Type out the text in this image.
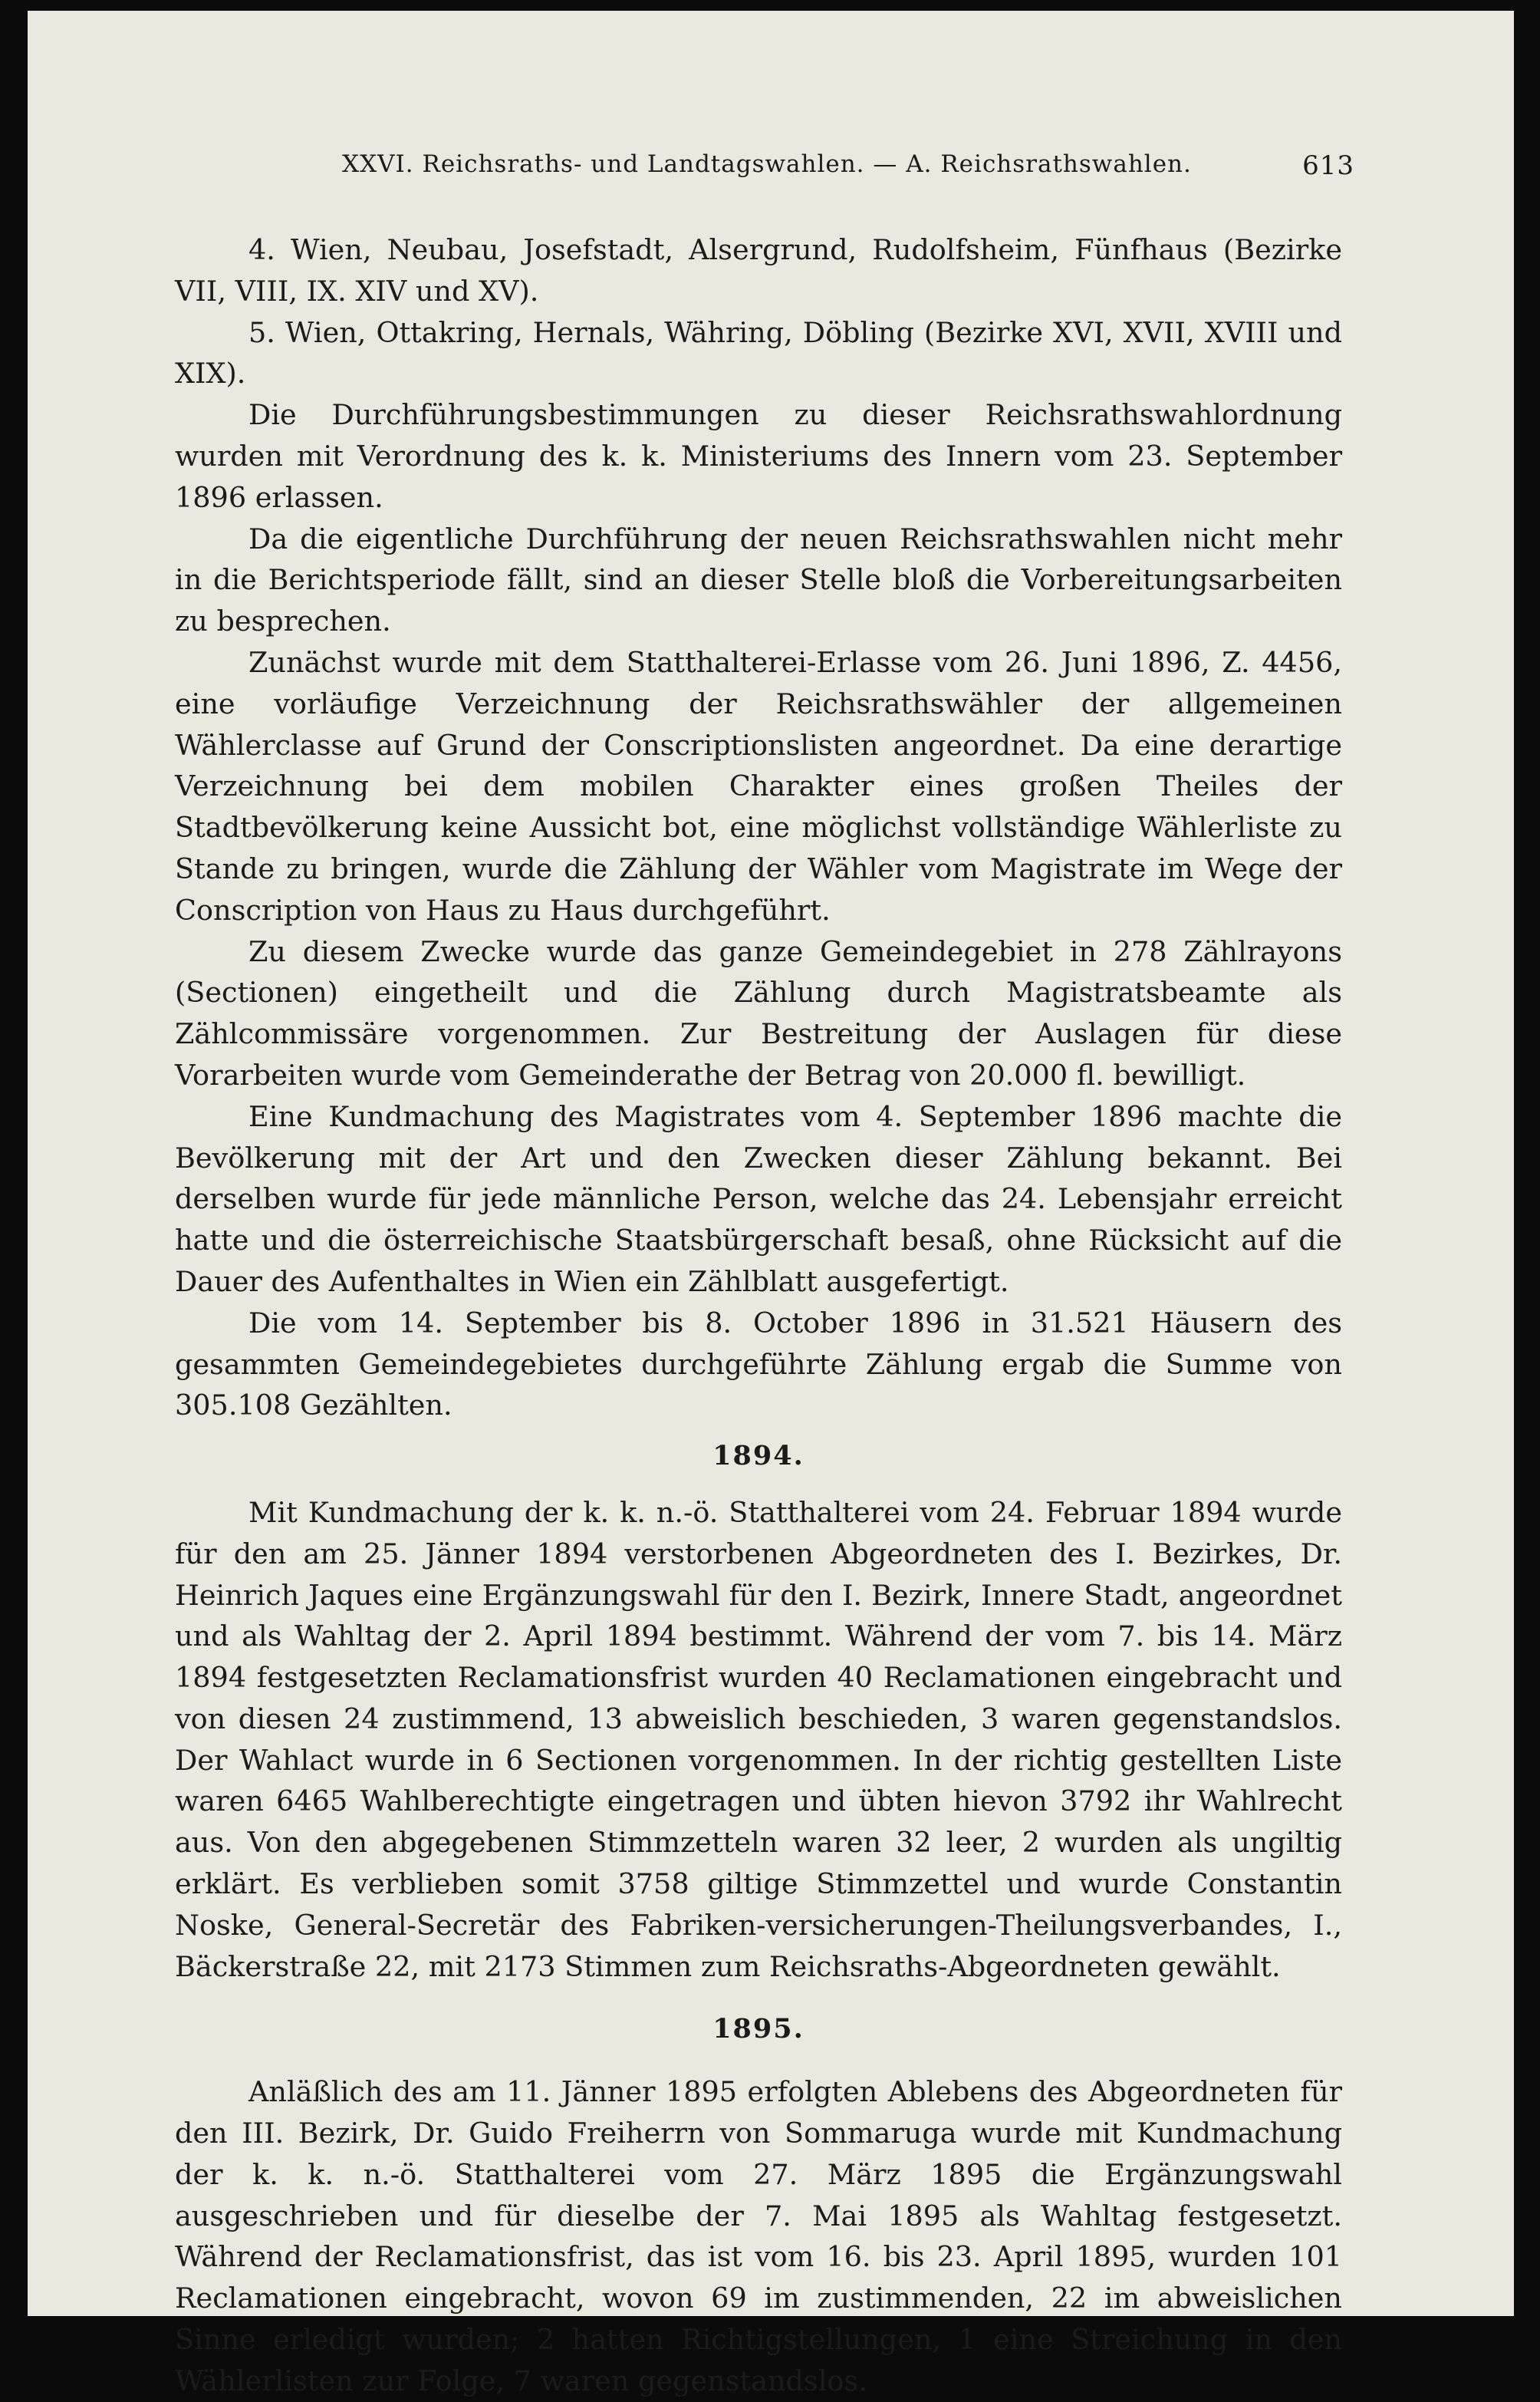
XXVI. Reichsraths- und Landtagswahlen. — A. Reichsrathswahlen.	613

4. Wien, Neubau, Josefstadt, Alsergrund, Rudolfsheim, Fünfhaus (Bezirke VII, VIII, IX. XIV und XV).

5. Wien, Ottakring, Hernals, Währing, Döbling (Bezirke XVI, XVII, XVIII und XIX).

Die Durchführungsbestimmungen zu dieser Reichsrathswahlordnung wurden mit Verordnung des k. k. Ministeriums des Innern vom 23. September 1896 erlassen.

Da die eigentliche Durchführung der neuen Reichsrathswahlen nicht mehr in die Berichtsperiode fällt, sind an dieser Stelle bloß die Vorbereitungsarbeiten zu besprechen.

Zunächst wurde mit dem Statthalterei-Erlasse vom 26. Juni 1896, Z. 4456, eine vorläufige Verzeichnung der Reichsrathswähler der allgemeinen Wählerclasse auf Grund der Conscriptionslisten angeordnet. Da eine derartige Verzeichnung bei dem mobilen Charakter eines großen Theiles der Stadtbevölkerung keine Aussicht bot, eine möglichst vollständige Wählerliste zu Stande zu bringen, wurde die Zählung der Wähler vom Magistrate im Wege der Conscription von Haus zu Haus durchgeführt.

Zu diesem Zwecke wurde das ganze Gemeindegebiet in 278 Zählrayons (Sectionen) eingetheilt und die Zählung durch Magistratsbeamte als Zählcommissäre vorgenommen. Zur Bestreitung der Auslagen für diese Vorarbeiten wurde vom Gemeinderathe der Betrag von 20.000 fl. bewilligt.

Eine Kundmachung des Magistrates vom 4. September 1896 machte die Bevölkerung mit der Art und den Zwecken dieser Zählung bekannt. Bei derselben wurde für jede männliche Person, welche das 24. Lebensjahr erreicht hatte und die österreichische Staatsbürgerschaft besaß, ohne Rücksicht auf die Dauer des Aufenthaltes in Wien ein Zählblatt ausgefertigt.

Die vom 14. September bis 8. October 1896 in 31.521 Häusern des gesammten Gemeindegebietes durchgeführte Zählung ergab die Summe von 305.108 Gezählten.

1894.

Mit Kundmachung der k. k. n.-ö. Statthalterei vom 24. Februar 1894 wurde für den am 25. Jänner 1894 verstorbenen Abgeordneten des I. Bezirkes, Dr. Heinrich Jaques eine Ergänzungswahl für den I. Bezirk, Innere Stadt, angeordnet und als Wahltag der 2. April 1894 bestimmt. Während der vom 7. bis 14. März 1894 festgesetzten Reclamationsfrist wurden 40 Reclamationen eingebracht und von diesen 24 zustimmend, 13 abweislich beschieden, 3 waren gegenstandslos. Der Wahlact wurde in 6 Sectionen vorgenommen. In der richtig gestellten Liste waren 6465 Wahlberechtigte eingetragen und übten hievon 3792 ihr Wahlrecht aus. Von den abgegebenen Stimmzetteln waren 32 leer, 2 wurden als ungiltig erklärt. Es verblieben somit 3758 giltige Stimmzettel und wurde Constantin Noske, General-Secretär des Fabriken-versicherungen-Theilungsverbandes, I., Bäckerstraße 22, mit 2173 Stimmen zum Reichsraths-Abgeordneten gewählt.

1895.

Anläßlich des am 11. Jänner 1895 erfolgten Ablebens des Abgeordneten für den III. Bezirk, Dr. Guido Freiherrn von Sommaruga wurde mit Kundmachung der k. k. n.-ö. Statthalterei vom 27. März 1895 die Ergänzungswahl ausgeschrieben und für dieselbe der 7. Mai 1895 als Wahltag festgesetzt. Während der Reclamationsfrist, das ist vom 16. bis 23. April 1895, wurden 101 Reclamationen eingebracht, wovon 69 im zustimmenden, 22 im abweislichen Sinne erledigt wurden; 2 hatten Richtigstellungen, 1 eine Streichung in den Wählerlisten zur Folge, 7 waren gegenstandslos.
